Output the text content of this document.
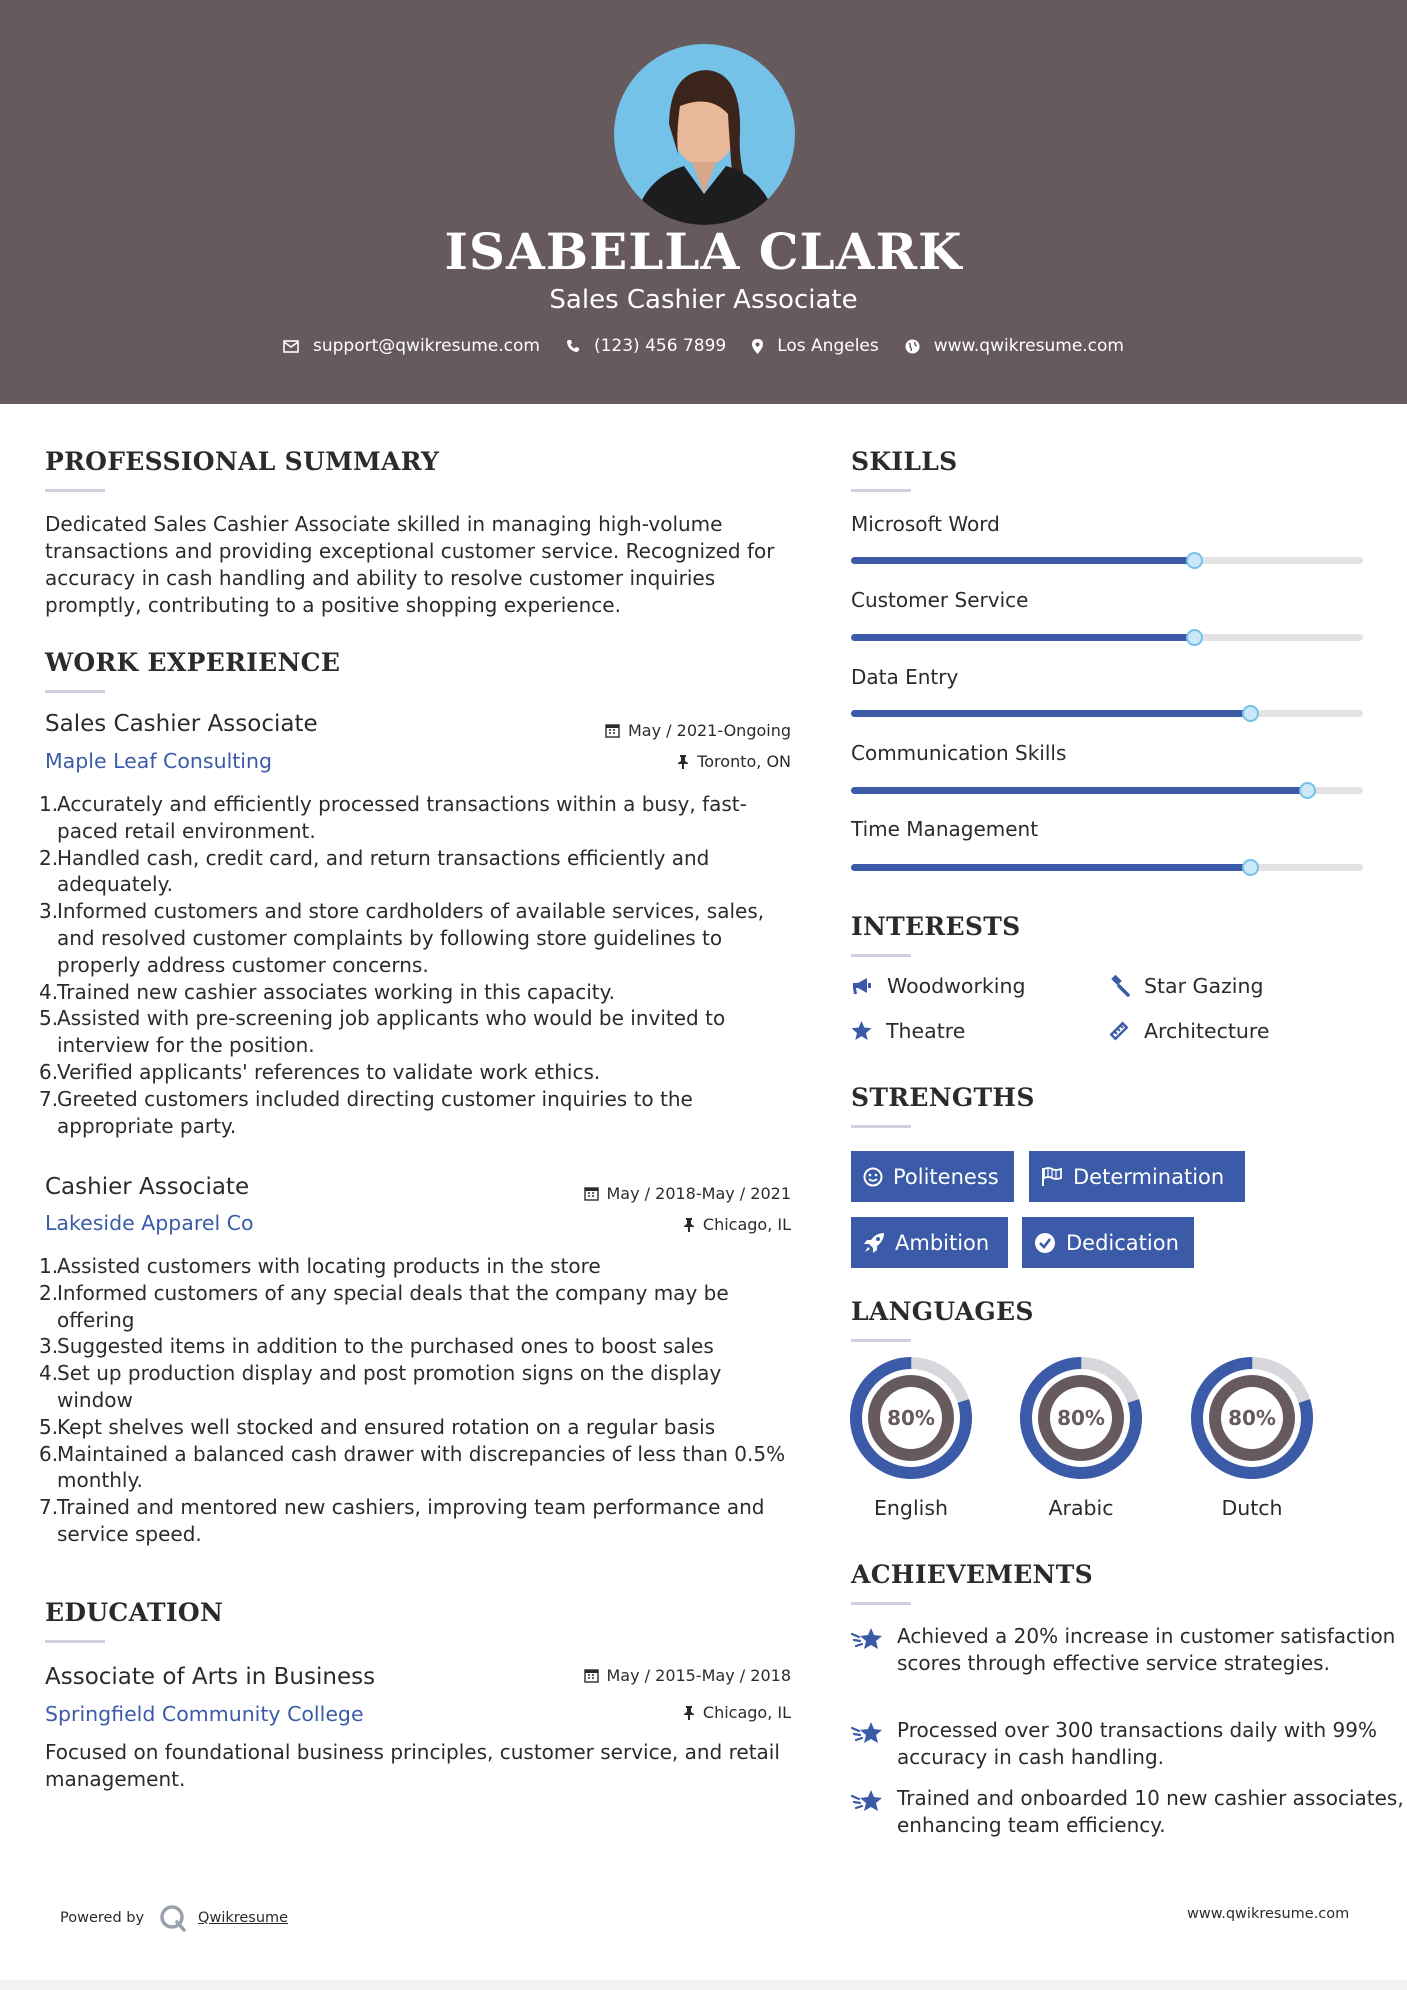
ISABELLA CLARK
Sales Cashier Associate
support@qwikresume.com	(123) 456 7899	Los Angeles	www.qwikresume.com
PROFESSIONAL SUMMARY
Dedicated Sales Cashier Associate skilled in managing high-volume transactions and providing exceptional customer service. Recognized for accuracy in cash handling and ability to resolve customer inquiries promptly, contributing to a positive shopping experience.
WORK EXPERIENCE
Sales Cashier Associate
Maple Leaf Consulting
May / 2021-Ongoing
Toronto, ON
1.
Accurately and efficiently processed transactions within a busy, fast-paced retail environment.
2.
Handled cash, credit card, and return transactions efficiently and adequately.
3.
Informed customers and store cardholders of available services, sales, and resolved customer complaints by following store guidelines to properly address customer concerns.
4.
Trained new cashier associates working in this capacity.
5.
Assisted with pre-screening job applicants who would be invited to interview for the position.
6.
Verified applicants' references to validate work ethics.
7.
Greeted customers included directing customer inquiries to the appropriate party.
Cashier Associate
Lakeside Apparel Co
May / 2018-May / 2021
Chicago, IL
1.
Assisted customers with locating products in the store
2.
Informed customers of any special deals that the company may be offering
3.
Suggested items in addition to the purchased ones to boost sales
4.
Set up production display and post promotion signs on the display window
5.
Kept shelves well stocked and ensured rotation on a regular basis
6.
Maintained a balanced cash drawer with discrepancies of less than 0.5% monthly.
7.
Trained and mentored new cashiers, improving team performance and service speed.
EDUCATION
Associate of Arts in Business
Springfield Community College
May / 2015-May / 2018
Chicago, IL
Focused on foundational business principles, customer service, and retail management.
SKILLS
Microsoft Word
Customer Service
Data Entry
Communication Skills
Time Management
INTERESTS
Woodworking	Star Gazing
Theatre	Architecture
STRENGTHS
Politeness	Determination
Ambition	Dedication
LANGUAGES
80%
English
80%
Arabic
80%
Dutch
ACHIEVEMENTS
Achieved a 20% increase in customer satisfaction scores through effective service strategies.
Processed over 300 transactions daily with 99% accuracy in cash handling.
Trained and onboarded 10 new cashier associates, enhancing team efficiency.
Powered by	Qwikresume	www.qwikresume.com
